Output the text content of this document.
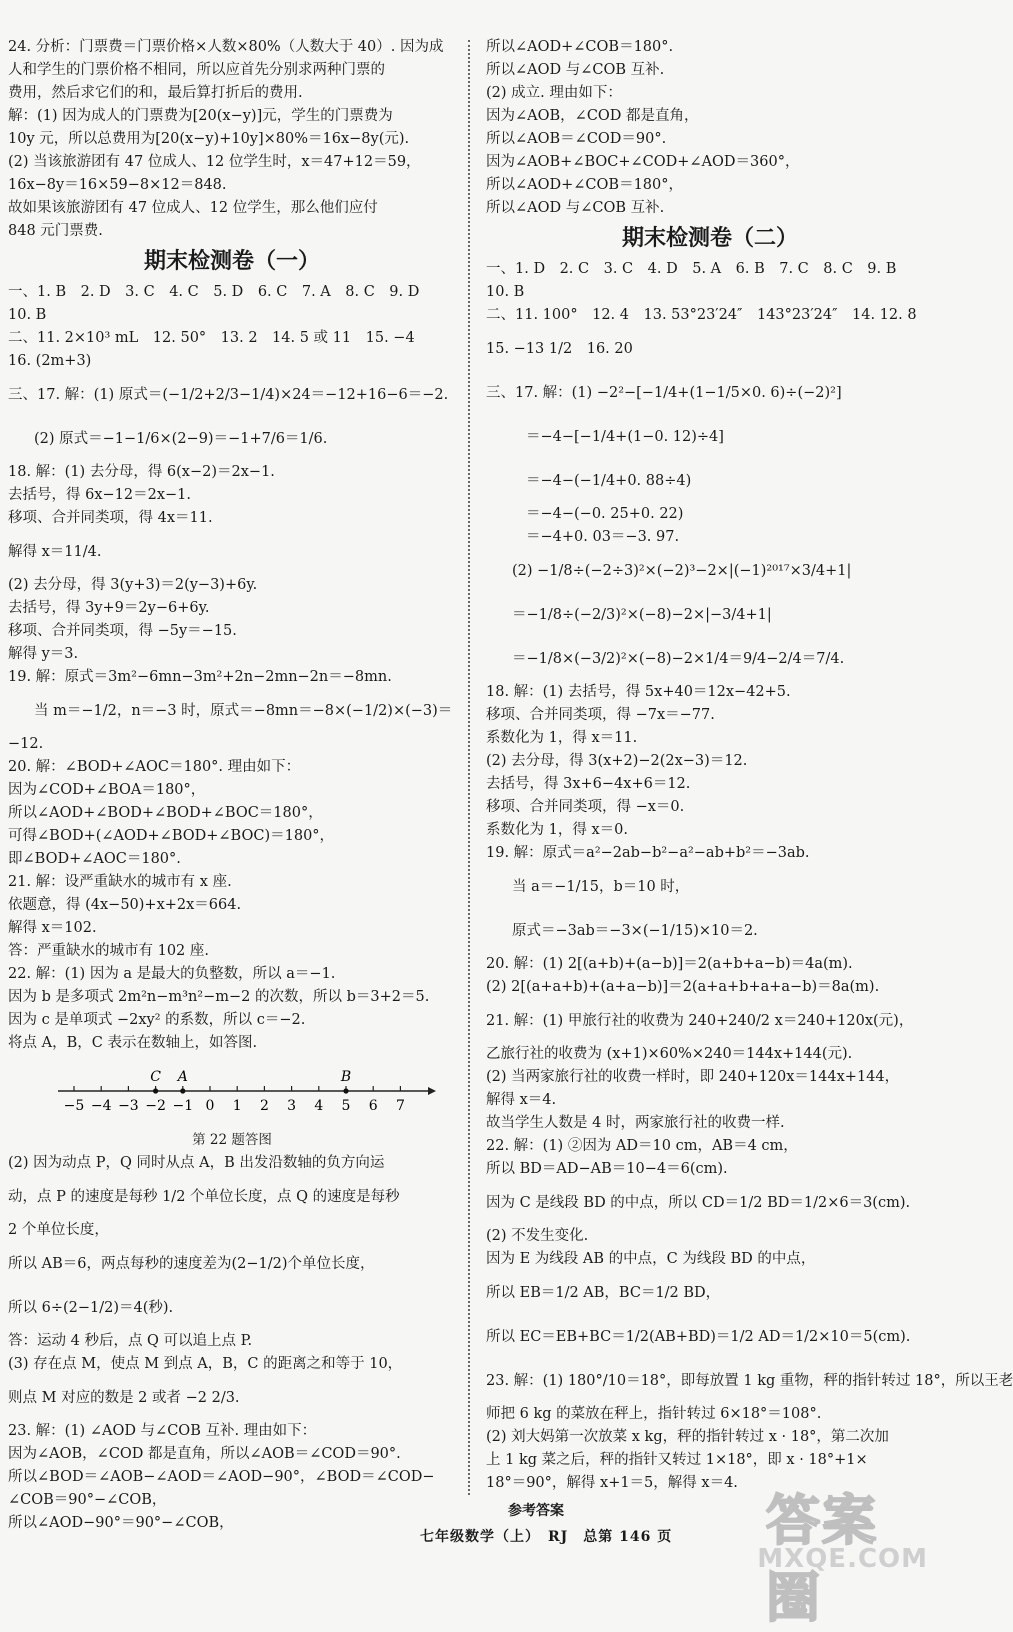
24. 分析：门票费＝门票价格×人数×80%（人数大于 40）. 因为成
人和学生的门票价格不相同，所以应首先分别求两种门票的
费用，然后求它们的和，最后算打折后的费用.
解：(1) 因为成人的门票费为[20(x−y)]元，学生的门票费为
10y 元，所以总费用为[20(x−y)+10y]×80%＝16x−8y(元).
(2) 当该旅游团有 47 位成人、12 位学生时，x＝47+12＝59，
16x−8y＝16×59−8×12＝848.
故如果该旅游团有 47 位成人、12 位学生，那么他们应付
848 元门票费.
期末检测卷（一）
一、1. B　2. D　3. C　4. C　5. D　6. C　7. A　8. C　9. D
10. B
二、11. 2×10³ mL　12. 50°　13. 2　14. 5 或 11　15. −4
16. (2m+3)
三、17. 解：(1) 原式＝(−1/2+2/3−1/4)×24＝−12+16−6＝−2.
(2) 原式＝−1−1/6×(2−9)＝−1+7/6＝1/6.
18. 解：(1) 去分母，得 6(x−2)＝2x−1.
去括号，得 6x−12＝2x−1.
移项、合并同类项，得 4x＝11.
解得 x＝11/4.
(2) 去分母，得 3(y+3)＝2(y−3)+6y.
去括号，得 3y+9＝2y−6+6y.
移项、合并同类项，得 −5y＝−15.
解得 y＝3.
19. 解：原式＝3m²−6mn−3m²+2n−2mn−2n＝−8mn.
当 m＝−1/2，n＝−3 时，原式＝−8mn＝−8×(−1/2)×(−3)＝
−12.
20. 解：∠BOD+∠AOC＝180°. 理由如下：
因为∠COD+∠BOA＝180°，
所以∠AOD+∠BOD+∠BOD+∠BOC＝180°，
可得∠BOD+(∠AOD+∠BOD+∠BOC)＝180°，
即∠BOD+∠AOC＝180°.
21. 解：设严重缺水的城市有 x 座.
依题意，得 (4x−50)+x+2x＝664.
解得 x＝102.
答：严重缺水的城市有 102 座.
22. 解：(1) 因为 a 是最大的负整数，所以 a＝−1.
因为 b 是多项式 2m²n−m³n²−m−2 的次数，所以 b＝3+2＝5.
因为 c 是单项式 −2xy² 的系数，所以 c＝−2.
将点 A，B，C 表示在数轴上，如答图.
−5 −4 −3 −2 −1 0 1 2 3 4 5 6 7
C A	B
第 22 题答图
(2) 因为动点 P，Q 同时从点 A，B 出发沿数轴的负方向运
动，点 P 的速度是每秒 1/2 个单位长度，点 Q 的速度是每秒
2 个单位长度，
所以 AB＝6，两点每秒的速度差为(2−1/2)个单位长度，
所以 6÷(2−1/2)＝4(秒).
答：运动 4 秒后，点 Q 可以追上点 P.
(3) 存在点 M，使点 M 到点 A，B，C 的距离之和等于 10，
则点 M 对应的数是 2 或者 −2 2/3.
23. 解：(1) ∠AOD 与∠COB 互补. 理由如下：
因为∠AOB，∠COD 都是直角，所以∠AOB＝∠COD＝90°.
所以∠BOD＝∠AOB−∠AOD＝∠AOD−90°，∠BOD＝∠COD−
∠COB＝90°−∠COB，
所以∠AOD−90°＝90°−∠COB，
所以∠AOD+∠COB＝180°.
所以∠AOD 与∠COB 互补.
(2) 成立. 理由如下：
因为∠AOB，∠COD 都是直角，
所以∠AOB＝∠COD＝90°.
因为∠AOB+∠BOC+∠COD+∠AOD＝360°，
所以∠AOD+∠COB＝180°，
所以∠AOD 与∠COB 互补.
期末检测卷（二）
一、1. D　2. C　3. C　4. D　5. A　6. B　7. C　8. C　9. B
10. B
二、11. 100°　12. 4　13. 53°23′24″　143°23′24″　14. 12. 8
15. −13 1/2　16. 20
三、17. 解：(1) −2²−[−1/4+(1−1/5×0. 6)÷(−2)²]
＝−4−[−1/4+(1−0. 12)÷4]
＝−4−(−1/4+0. 88÷4)
＝−4−(−0. 25+0. 22)
＝−4+0. 03＝−3. 97.
(2) −1/8÷(−2÷3)²×(−2)³−2×|(−1)²⁰¹⁷×3/4+1|
＝−1/8÷(−2/3)²×(−8)−2×|−3/4+1|
＝−1/8×(−3/2)²×(−8)−2×1/4＝9/4−2/4＝7/4.
18. 解：(1) 去括号，得 5x+40＝12x−42+5.
移项、合并同类项，得 −7x＝−77.
系数化为 1，得 x＝11.
(2) 去分母，得 3(x+2)−2(2x−3)＝12.
去括号，得 3x+6−4x+6＝12.
移项、合并同类项，得 −x＝0.
系数化为 1，得 x＝0.
19. 解：原式＝a²−2ab−b²−a²−ab+b²＝−3ab.
当 a＝−1/15，b＝10 时，
原式＝−3ab＝−3×(−1/15)×10＝2.
20. 解：(1) 2[(a+b)+(a−b)]＝2(a+b+a−b)＝4a(m).
(2) 2[(a+a+b)+(a+a−b)]＝2(a+a+b+a+a−b)＝8a(m).
21. 解：(1) 甲旅行社的收费为 240+240/2 x＝240+120x(元)，
乙旅行社的收费为 (x+1)×60%×240＝144x+144(元).
(2) 当两家旅行社的收费一样时，即 240+120x＝144x+144，
解得 x＝4.
故当学生人数是 4 时，两家旅行社的收费一样.
22. 解：(1) ②因为 AD＝10 cm，AB＝4 cm，
所以 BD＝AD−AB＝10−4＝6(cm).
因为 C 是线段 BD 的中点，所以 CD＝1/2 BD＝1/2×6＝3(cm).
(2) 不发生变化.
因为 E 为线段 AB 的中点，C 为线段 BD 的中点，
所以 EB＝1/2 AB，BC＝1/2 BD，
所以 EC＝EB+BC＝1/2(AB+BD)＝1/2 AD＝1/2×10＝5(cm).
23. 解：(1) 180°/10＝18°，即每放置 1 kg 重物，秤的指针转过 18°，所以王老
师把 6 kg 的菜放在秤上，指针转过 6×18°＝108°.
(2) 刘大妈第一次放菜 x kg，秤的指针转过 x · 18°，第二次加
上 1 kg 菜之后，秤的指针又转过 1×18°，即 x · 18°+1×
18°＝90°，解得 x+1＝5，解得 x＝4.
参考答案
七年级数学（上）　RJ　总第 146 页 答案圈
MXQE.COM
